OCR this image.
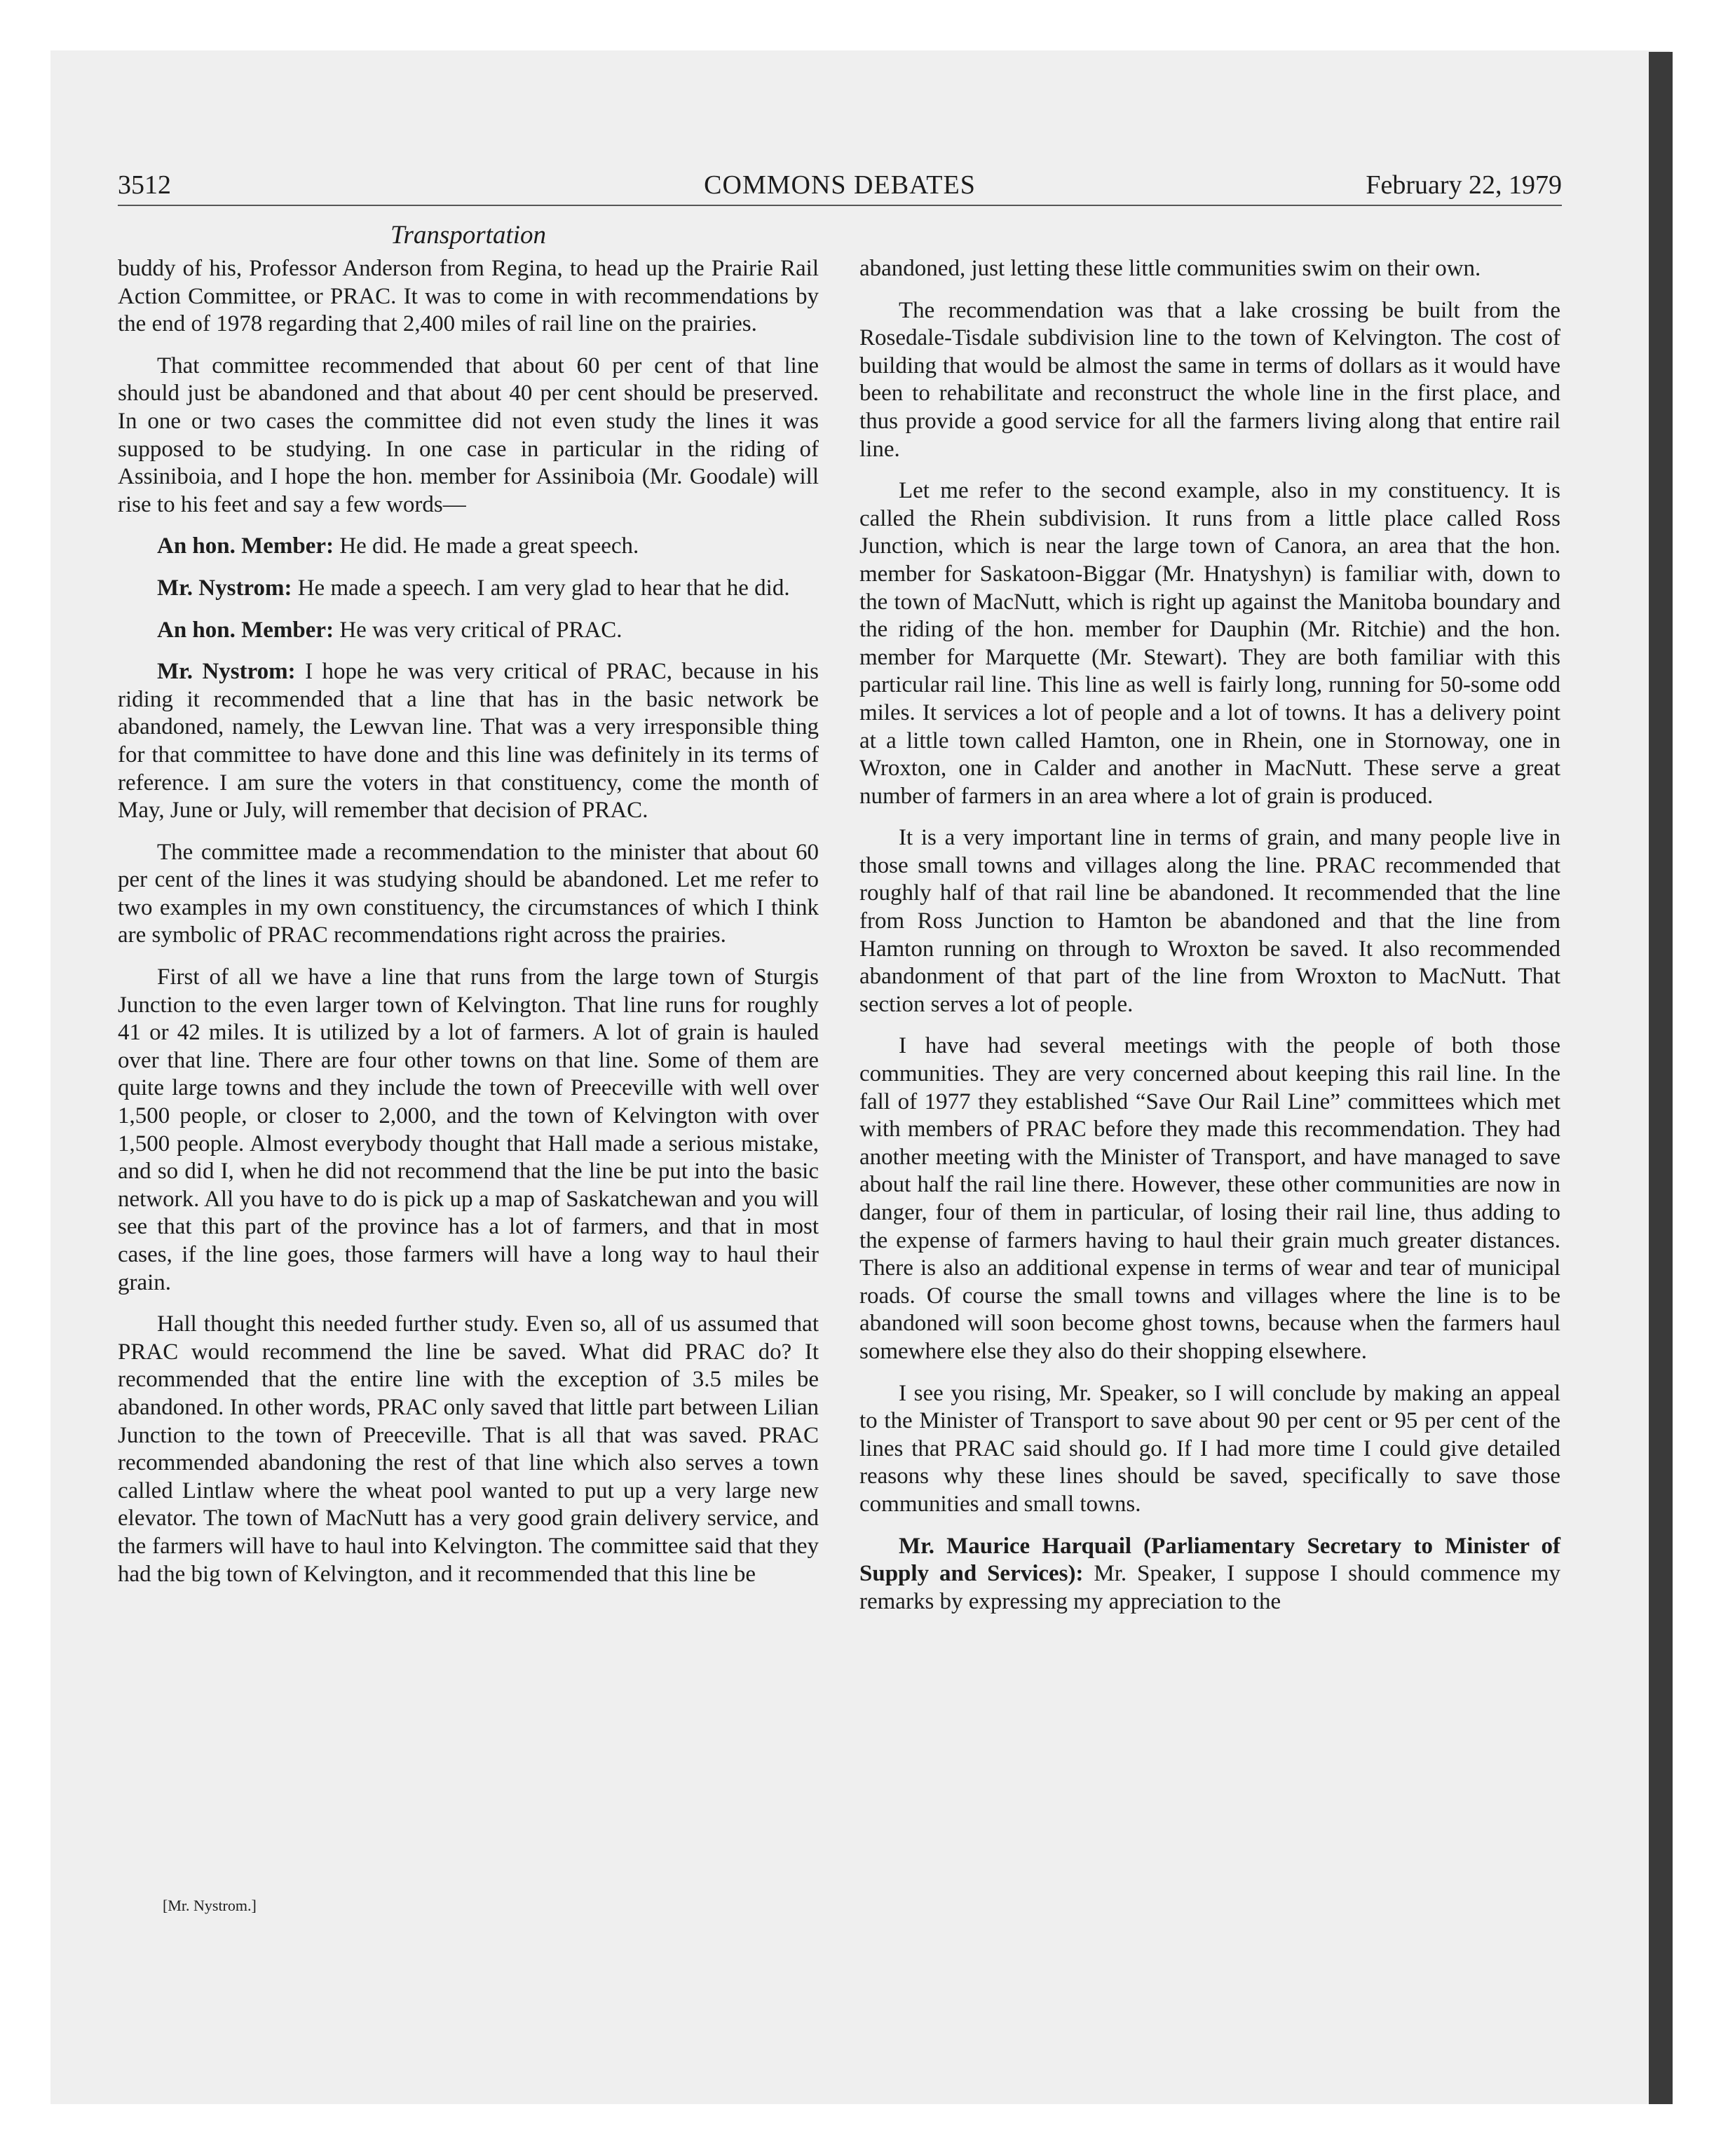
3512	COMMONS DEBATES	February 22, 1979
Transportation

buddy of his, Professor Anderson from Regina, to head up the Prairie Rail Action Committee, or PRAC. It was to come in with recommendations by the end of 1978 regarding that 2,400 miles of rail line on the prairies.

That committee recommended that about 60 per cent of that line should just be abandoned and that about 40 per cent should be preserved. In one or two cases the committee did not even study the lines it was supposed to be studying. In one case in particular in the riding of Assiniboia, and I hope the hon. member for Assiniboia (Mr. Goodale) will rise to his feet and say a few words—

An hon. Member: He did. He made a great speech.

Mr. Nystrom: He made a speech. I am very glad to hear that he did.

An hon. Member: He was very critical of PRAC.

Mr. Nystrom: I hope he was very critical of PRAC, because in his riding it recommended that a line that has in the basic network be abandoned, namely, the Lewvan line. That was a very irresponsible thing for that committee to have done and this line was definitely in its terms of reference. I am sure the voters in that constituency, come the month of May, June or July, will remember that decision of PRAC.

The committee made a recommendation to the minister that about 60 per cent of the lines it was studying should be abandoned. Let me refer to two examples in my own constituency, the circumstances of which I think are symbolic of PRAC recommendations right across the prairies.

First of all we have a line that runs from the large town of Sturgis Junction to the even larger town of Kelvington. That line runs for roughly 41 or 42 miles. It is utilized by a lot of farmers. A lot of grain is hauled over that line. There are four other towns on that line. Some of them are quite large towns and they include the town of Preeceville with well over 1,500 people, or closer to 2,000, and the town of Kelvington with over 1,500 people. Almost everybody thought that Hall made a serious mistake, and so did I, when he did not recommend that the line be put into the basic network. All you have to do is pick up a map of Saskatchewan and you will see that this part of the province has a lot of farmers, and that in most cases, if the line goes, those farmers will have a long way to haul their grain.

Hall thought this needed further study. Even so, all of us assumed that PRAC would recommend the line be saved. What did PRAC do? It recommended that the entire line with the exception of 3.5 miles be abandoned. In other words, PRAC only saved that little part between Lilian Junction to the town of Preeceville. That is all that was saved. PRAC recommended abandoning the rest of that line which also serves a town called Lintlaw where the wheat pool wanted to put up a very large new elevator. The town of MacNutt has a very good grain delivery service, and the farmers will have to haul into Kelvington. The committee said that they had the big town of Kelvington, and it recommended that this line be

[Mr. Nystrom.]

abandoned, just letting these little communities swim on their own.

The recommendation was that a lake crossing be built from the Rosedale-Tisdale subdivision line to the town of Kelvington. The cost of building that would be almost the same in terms of dollars as it would have been to rehabilitate and reconstruct the whole line in the first place, and thus provide a good service for all the farmers living along that entire rail line.

Let me refer to the second example, also in my constituency. It is called the Rhein subdivision. It runs from a little place called Ross Junction, which is near the large town of Canora, an area that the hon. member for Saskatoon-Biggar (Mr. Hnatyshyn) is familiar with, down to the town of MacNutt, which is right up against the Manitoba boundary and the riding of the hon. member for Dauphin (Mr. Ritchie) and the hon. member for Marquette (Mr. Stewart). They are both familiar with this particular rail line. This line as well is fairly long, running for 50-some odd miles. It services a lot of people and a lot of towns. It has a delivery point at a little town called Hamton, one in Rhein, one in Stornoway, one in Wroxton, one in Calder and another in MacNutt. These serve a great number of farmers in an area where a lot of grain is produced.

It is a very important line in terms of grain, and many people live in those small towns and villages along the line. PRAC recommended that roughly half of that rail line be abandoned. It recommended that the line from Ross Junction to Hamton be abandoned and that the line from Hamton running on through to Wroxton be saved. It also recommended abandonment of that part of the line from Wroxton to MacNutt. That section serves a lot of people.

I have had several meetings with the people of both those communities. They are very concerned about keeping this rail line. In the fall of 1977 they established “Save Our Rail Line” committees which met with members of PRAC before they made this recommendation. They had another meeting with the Minister of Transport, and have managed to save about half the rail line there. However, these other communities are now in danger, four of them in particular, of losing their rail line, thus adding to the expense of farmers having to haul their grain much greater distances. There is also an additional expense in terms of wear and tear of municipal roads. Of course the small towns and villages where the line is to be abandoned will soon become ghost towns, because when the farmers haul somewhere else they also do their shopping elsewhere.

I see you rising, Mr. Speaker, so I will conclude by making an appeal to the Minister of Transport to save about 90 per cent or 95 per cent of the lines that PRAC said should go. If I had more time I could give detailed reasons why these lines should be saved, specifically to save those communities and small towns.

Mr. Maurice Harquail (Parliamentary Secretary to Minister of Supply and Services): Mr. Speaker, I suppose I should commence my remarks by expressing my appreciation to the
